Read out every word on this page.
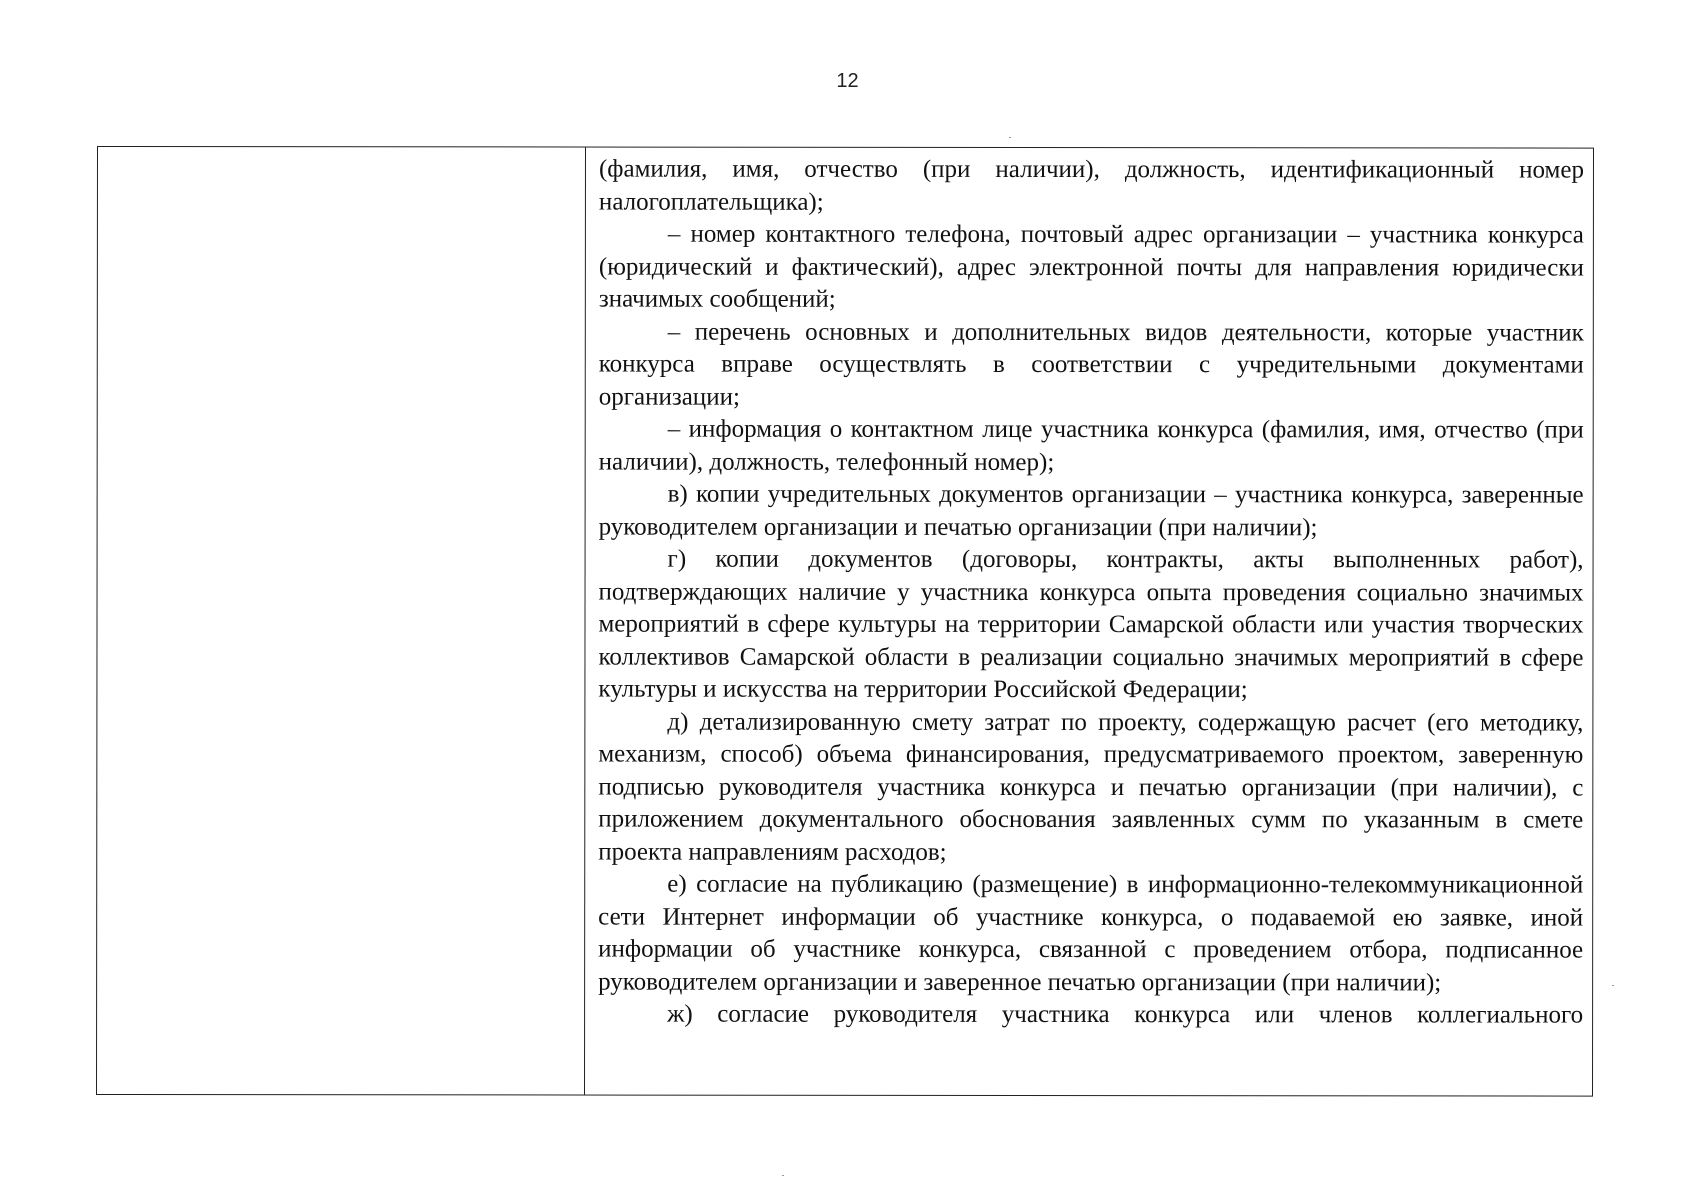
12

(фамилия, имя, отчество (при наличии), должность, идентификационный номер налогоплательщика);

– номер контактного телефона, почтовый адрес организации – участника конкурса (юридический и фактический), адрес электронной почты для направления юридически значимых сообщений;

– перечень основных и дополнительных видов деятельности, которые участник конкурса вправе осуществлять в соответствии с учредительными документами организации;

– информация о контактном лице участника конкурса (фамилия, имя, отчество (при наличии), должность, телефонный номер);

в) копии учредительных документов организации – участника конкурса, заверенные руководителем организации и печатью организации (при наличии);

г) копии документов (договоры, контракты, акты выполненных работ), подтверждающих наличие у участника конкурса опыта проведения социально значимых мероприятий в сфере культуры на территории Самарской области или участия творческих коллективов Самарской области в реализации социально значимых мероприятий в сфере культуры и искусства на территории Российской Федерации;

д) детализированную смету затрат по проекту, содержащую расчет (его методику, механизм, способ) объема финансирования, предусматриваемого проектом, заверенную подписью руководителя участника конкурса и печатью организации (при наличии), с приложением документального обоснования заявленных сумм по указанным в смете проекта направлениям расходов;

е) согласие на публикацию (размещение) в информационно-телекоммуникационной сети Интернет информации об участнике конкурса, о подаваемой ею заявке, иной информации об участнике конкурса, связанной с проведением отбора, подписанное руководителем организации и заверенное печатью организации (при наличии);

ж) согласие руководителя участника конкурса или членов коллегиального
